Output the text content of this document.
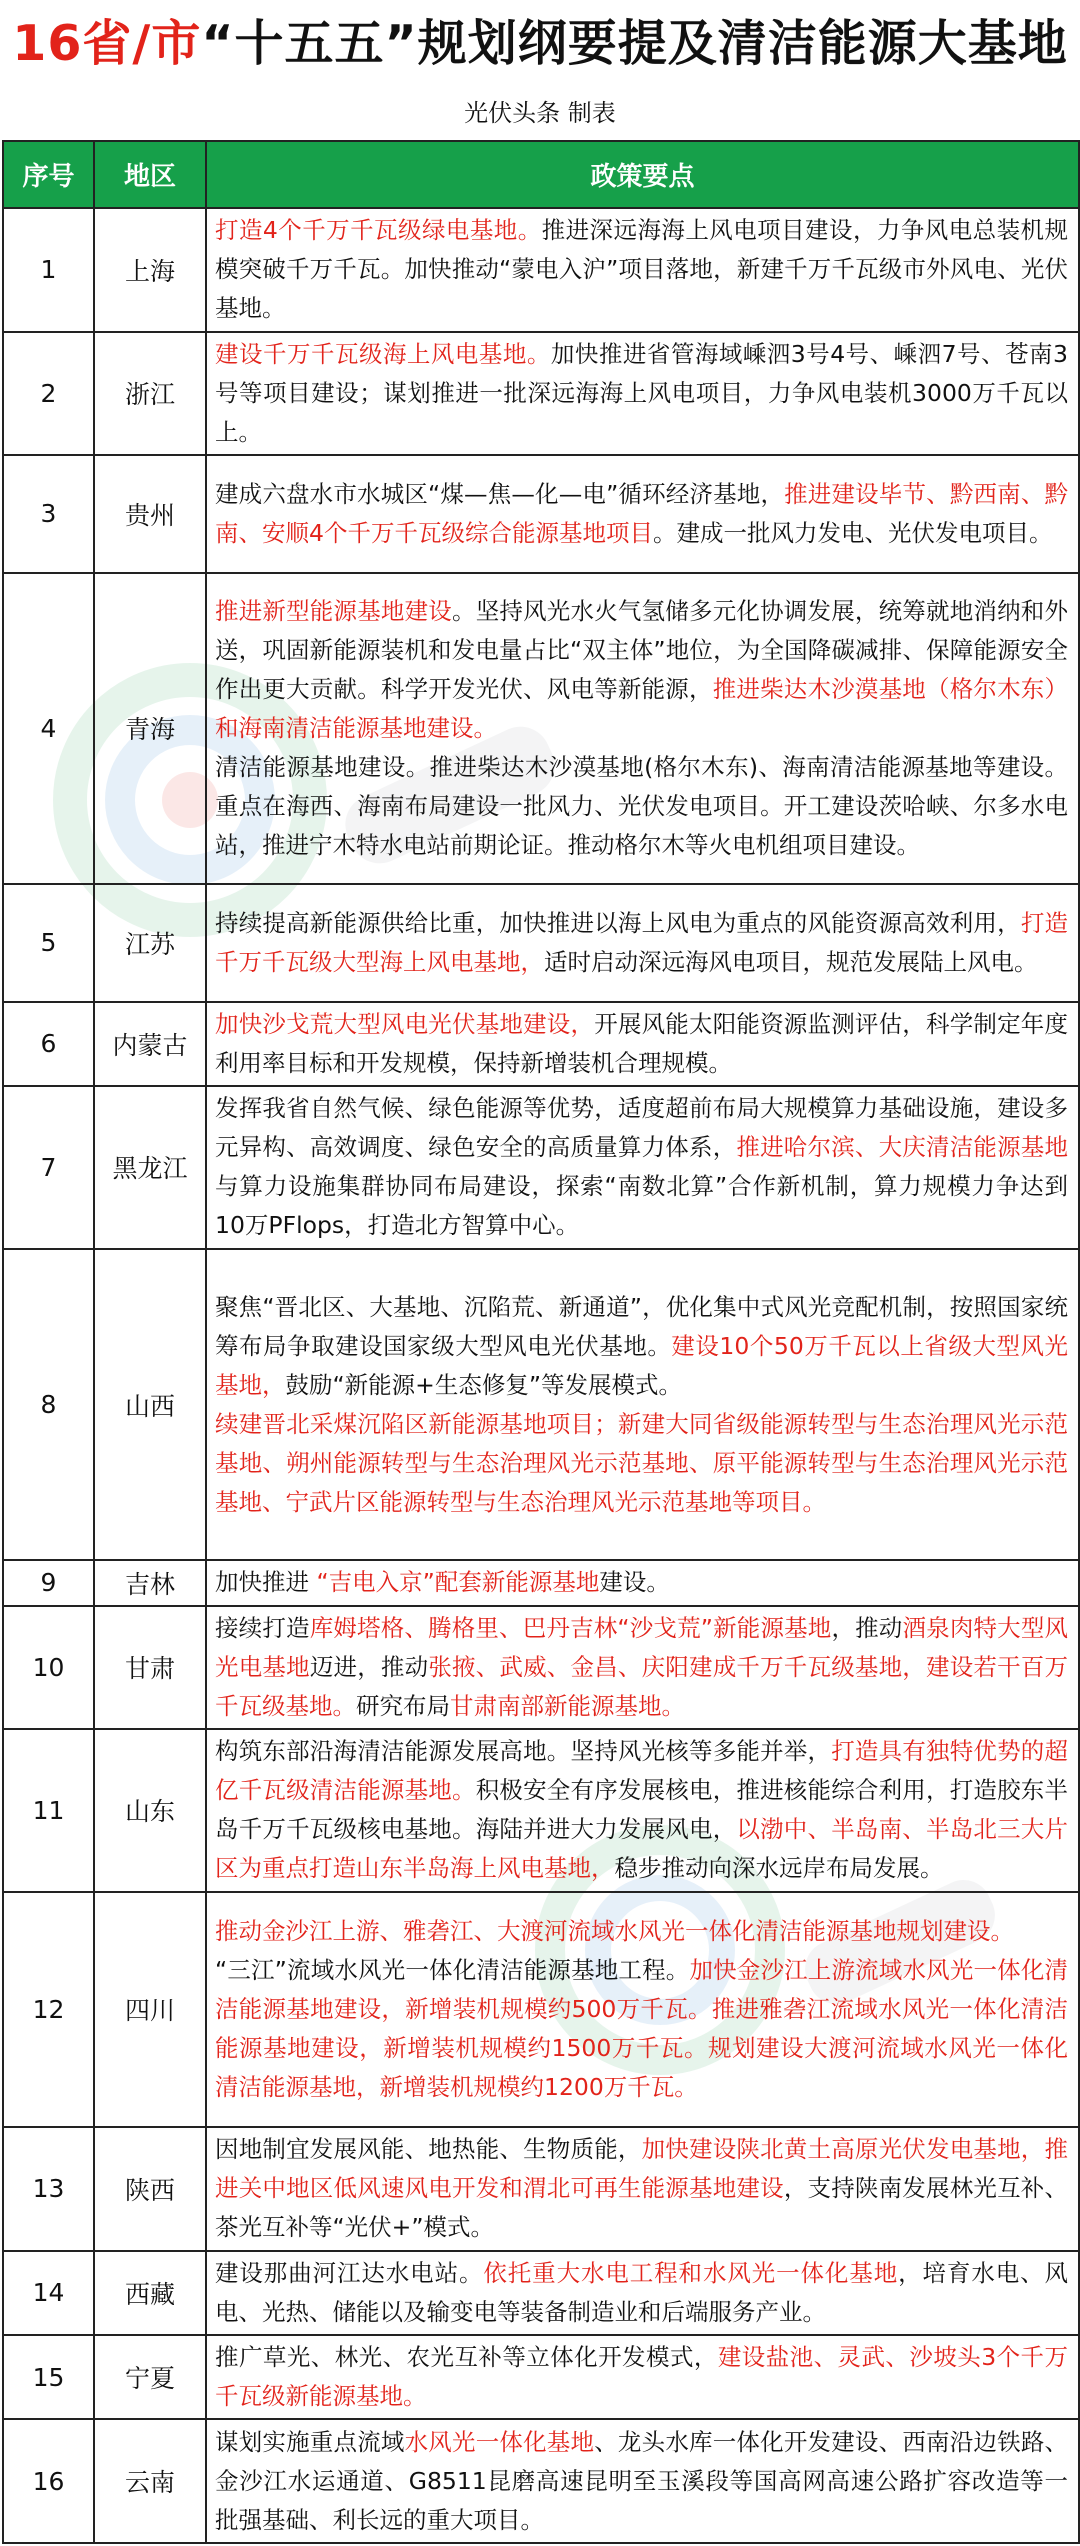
16省/市 “十五五”规划纲要提及清洁能源大基地
光伏头条 制表
序号	地区	政策要点
1	上海	打造4个千万千瓦级绿电基地。推进深远海海上风电项目建设，力争风电总装机规模突破千万千瓦。加快推动“蒙电入沪”项目落地，新建千万千瓦级市外风电、光伏基地。
2	浙江	建设千万千瓦级海上风电基地。加快推进省管海域嵊泗3号4号、嵊泗7号、苍南3号等项目建设；谋划推进一批深远海海上风电项目，力争风电装机3000万千瓦以上。
3	贵州	建成六盘水市水城区“煤—焦—化—电”循环经济基地，推进建设毕节、黔西南、黔南、安顺4个千万千瓦级综合能源基地项目。建成一批风力发电、光伏发电项目。
4	青海	推进新型能源基地建设。坚持风光水火气氢储多元化协调发展，统筹就地消纳和外送，巩固新能源装机和发电量占比“双主体”地位，为全国降碳减排、保障能源安全作出更大贡献。科学开发光伏、风电等新能源，推进柴达木沙漠基地（格尔木东）和海南清洁能源基地建设。
清洁能源基地建设。推进柴达木沙漠基地(格尔木东)、海南清洁能源基地等建设。重点在海西、海南布局建设一批风力、光伏发电项目。开工建设茨哈峡、尔多水电站，推进宁木特水电站前期论证。推动格尔木等火电机组项目建设。
5	江苏	持续提高新能源供给比重，加快推进以海上风电为重点的风能资源高效利用，打造千万千瓦级大型海上风电基地，适时启动深远海风电项目，规范发展陆上风电。
6	内蒙古	加快沙戈荒大型风电光伏基地建设，开展风能太阳能资源监测评估，科学制定年度利用率目标和开发规模，保持新增装机合理规模。
7	黑龙江	发挥我省自然气候、绿色能源等优势，适度超前布局大规模算力基础设施，建设多元异构、高效调度、绿色安全的高质量算力体系，推进哈尔滨、大庆清洁能源基地与算力设施集群协同布局建设，探索“南数北算”合作新机制，算力规模力争达到10万PFlops，打造北方智算中心。
8	山西	聚焦“晋北区、大基地、沉陷荒、新通道”，优化集中式风光竞配机制，按照国家统筹布局争取建设国家级大型风电光伏基地。建设10个50万千瓦以上省级大型风光基地，鼓励“新能源+生态修复”等发展模式。
续建晋北采煤沉陷区新能源基地项目；新建大同省级能源转型与生态治理风光示范基地、朔州能源转型与生态治理风光示范基地、原平能源转型与生态治理风光示范基地、宁武片区能源转型与生态治理风光示范基地等项目。
9	吉林	加快推进 “吉电入京”配套新能源基地建设。
10	甘肃	接续打造库姆塔格、腾格里、巴丹吉林“沙戈荒”新能源基地，推动酒泉肉特大型风光电基地迈进，推动张掖、武威、金昌、庆阳建成千万千瓦级基地，建设若干百万千瓦级基地。研究布局甘肃南部新能源基地。
11	山东	构筑东部沿海清洁能源发展高地。坚持风光核等多能并举，打造具有独特优势的超亿千瓦级清洁能源基地。积极安全有序发展核电，推进核能综合利用，打造胶东半岛千万千瓦级核电基地。海陆并进大力发展风电，以渤中、半岛南、半岛北三大片区为重点打造山东半岛海上风电基地，稳步推动向深水远岸布局发展。
12	四川	推动金沙江上游、雅砻江、大渡河流域水风光一体化清洁能源基地规划建设。
“三江”流域水风光一体化清洁能源基地工程。加快金沙江上游流域水风光一体化清洁能源基地建设，新增装机规模约500万千瓦。推进雅砻江流域水风光一体化清洁能源基地建设，新增装机规模约1500万千瓦。规划建设大渡河流域水风光一体化清洁能源基地，新增装机规模约1200万千瓦。
13	陕西	因地制宜发展风能、地热能、生物质能，加快建设陕北黄土高原光伏发电基地，推进关中地区低风速风电开发和渭北可再生能源基地建设，支持陕南发展林光互补、茶光互补等“光伏+”模式。
14	西藏	建设那曲河江达水电站。依托重大水电工程和水风光一体化基地，培育水电、风电、光热、储能以及输变电等装备制造业和后端服务产业。
15	宁夏	推广草光、林光、农光互补等立体化开发模式，建设盐池、灵武、沙坡头3个千万千瓦级新能源基地。
16	云南	谋划实施重点流域水风光一体化基地、龙头水库一体化开发建设、西南沿边铁路、金沙江水运通道、G8511昆磨高速昆明至玉溪段等国高网高速公路扩容改造等一批强基础、利长远的重大项目。
